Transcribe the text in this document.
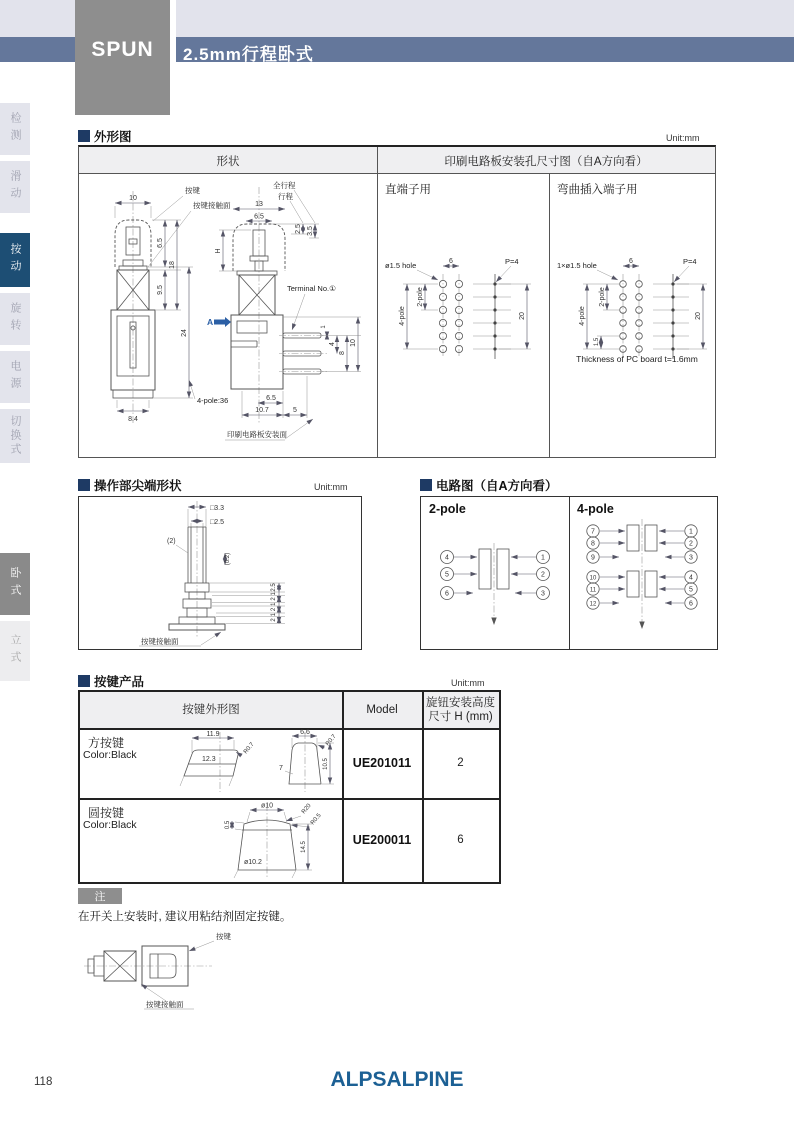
2.5mm行程卧式
SPUN
检测
滑动
按动
旋转
电源
切换式
卧式
立式
外形图	Unit:mm
形状	印刷电路板安装孔尺寸图（自A方向看）
直端子用	弯曲插入端子用
10
8.4
6.5
9.5
18
24
按键
按键接触面
全行程
行程
13
6.5
H
2.5 3.5
Terminal No.①
A	1
4
8
10
6.5
10.7	5
4-pole:36
印刷电路板安装面
ø1.5 hole	6
2-pole
4-pole
P=4
20
1×ø1.5 hole	6
2-pole
4-pole
1.5
P=4
20
Thickness of PC board t=1.6mm
操作部尖端形状	Unit:mm
□3.3
□2.5
(2)
(0.2)
2.5
1
2
1
2
1
2
按键接触面
电路图（自A方向看）
2-pole	4-pole
4
5
6
1
2
3
7
8
9
10
11
12
1
2
3
4
5
6
按键产品	Unit:mm
按键外形图	Model
旋钮安装高度
尺寸 H (mm)
方按键
Color:Black
11.9
12.3
R0.7
6.6
R0.7
7	10.5	UE201011	2
圆按键
Color:Black
ø10	R20
R0.5
0.5
ø10.2
14.5	UE200011	6
注
在开关上安装时, 建议用粘结剂固定按键。
按键
按键接触面
118	ALPSALPINE
